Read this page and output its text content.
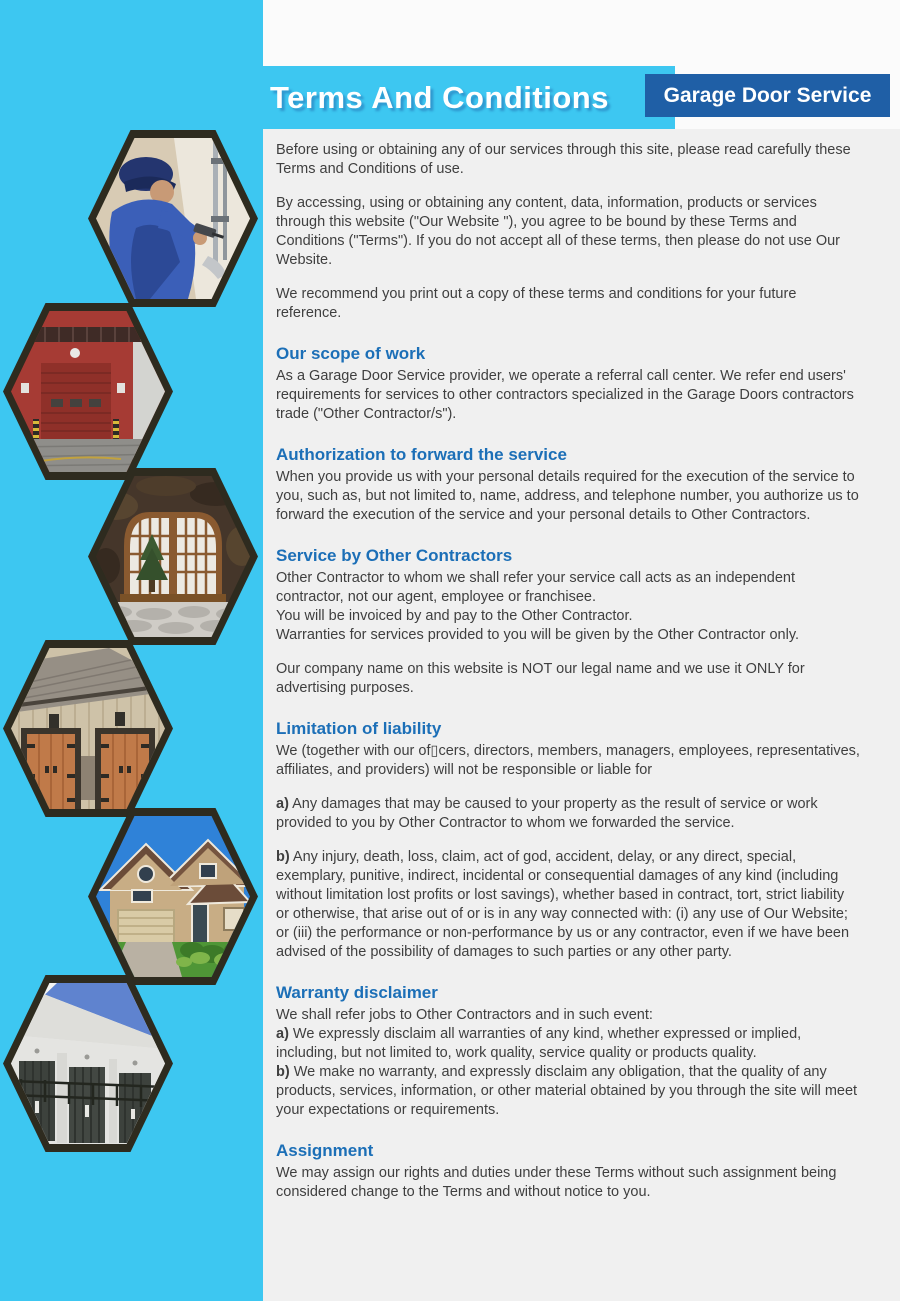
Terms And Conditions	Garage Door Service

Before using or obtaining any of our services through this site, please read carefully these Terms and Conditions of use.

By accessing, using or obtaining any content, data, information, products or services through this website ("Our Website "), you agree to be bound by these Terms and Conditions ("Terms"). If you do not accept all of these terms, then please do not use Our Website.

We recommend you print out a copy of these terms and conditions for your future reference.

Our scope of work

As a Garage Door Service provider, we operate a referral call center. We refer end users' requirements for services to other contractors specialized in the Garage Doors contractors trade ("Other Contractor/s").

Authorization to forward the service

When you provide us with your personal details required for the execution of the service to you, such as, but not limited to, name, address, and telephone number, you authorize us to forward the execution of the service and your personal details to Other Contractors.

Service by Other Contractors

Other Contractor to whom we shall refer your service call acts as an independent contractor, not our agent, employee or franchisee.

You will be invoiced by and pay to the Other Contractor.

Warranties for services provided to you will be given by the Other Contractor only.

Our company name on this website is NOT our legal name and we use it ONLY for advertising purposes.

Limitation of liability

We (together with our of▯cers, directors, members, managers, employees, representatives, affiliates, and providers) will not be responsible or liable for

a) Any damages that may be caused to your property as the result of service or work provided to you by Other Contractor to whom we forwarded the service.

b) Any injury, death, loss, claim, act of god, accident, delay, or any direct, special, exemplary, punitive, indirect, incidental or consequential damages of any kind (including without limitation lost profits or lost savings), whether based in contract, tort, strict liability or otherwise, that arise out of or is in any way connected with: (i) any use of Our Website; or (iii) the performance or non-performance by us or any contractor, even if we have been advised of the possibility of damages to such parties or any other party.

Warranty disclaimer

We shall refer jobs to Other Contractors and in such event:

a) We expressly disclaim all warranties of any kind, whether expressed or implied, including, but not limited to, work quality, service quality or products quality.

b) We make no warranty, and expressly disclaim any obligation, that the quality of any products, services, information, or other material obtained by you through the site will meet your expectations or requirements.

Assignment

We may assign our rights and duties under these Terms without such assignment being considered change to the Terms and without notice to you.
